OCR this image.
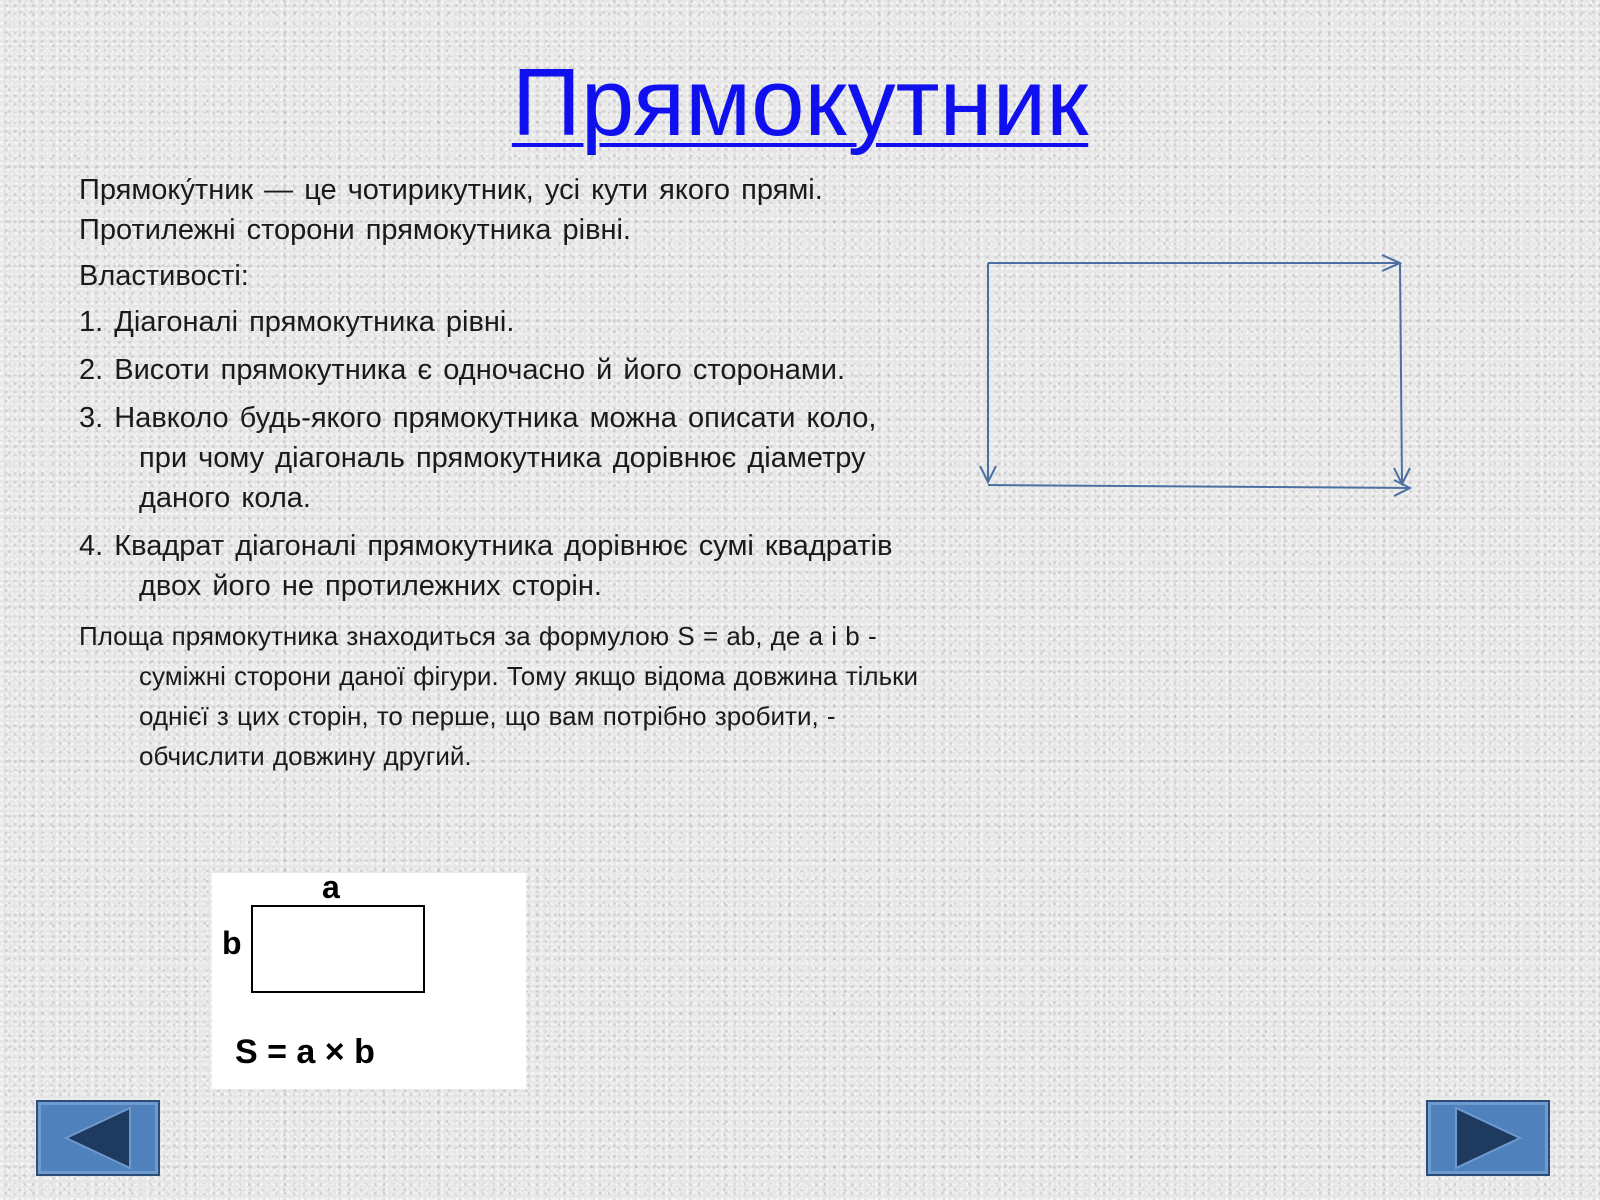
Прямокутник

Прямоку́тник — це чотирикутник, усі кути якого прямі. Протилежні сторони прямокутника рівні.

Властивості:

1. Діагоналі прямокутника рівні.

2. Висоти прямокутника є одночасно й його сторонами.

3. Навколо будь-якого прямокутника можна описати коло, при чому діагональ прямокутника дорівнює діаметру даного кола.

4. Квадрат діагоналі прямокутника дорівнює сумі квадратів двох його не протилежних сторін.

Площа прямокутника знаходиться за формулою S = ab, де a і b - суміжні сторони даної фігури. Тому якщо відома довжина тільки однієї з цих сторін, то перше, що вам потрібно зробити, - обчислити довжину другий.

a
b
S = a × b
